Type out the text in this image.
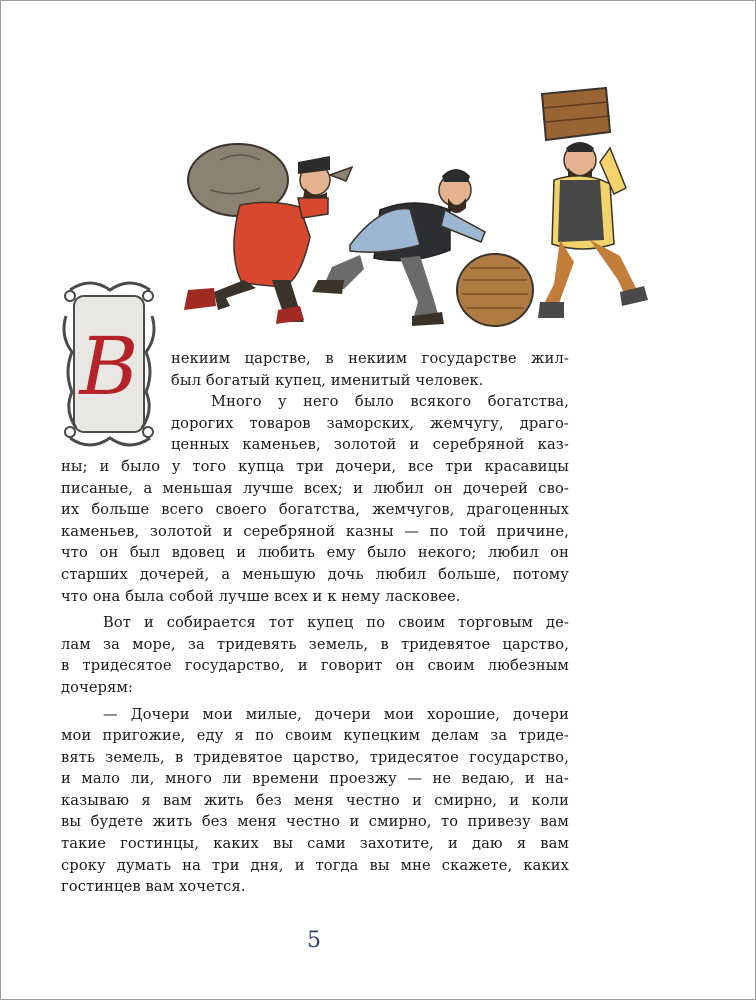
В	некиим царстве, в некиим государстве жил-
был богатый купец, именитый человек.
Много у него было всякого богатства,
дорогих товаров заморских, жемчугу, драго-
ценных каменьев, золотой и серебряной каз-
ны; и было у того купца три дочери, все три красавицы
писаные, а меньшая лучше всех; и любил он дочерей сво-
их больше всего своего богатства, жемчугов, драгоценных
каменьев, золотой и серебряной казны — по той причине,
что он был вдовец и любить ему было некого; любил он
старших дочерей, а меньшую дочь любил больше, потому
что она была собой лучше всех и к нему ласковее.
Вот и собирается тот купец по своим торговым де-
лам за море, за тридевять земель, в тридевятое царство,
в тридесятое государство, и говорит он своим любезным
дочерям:
— Дочери мои милые, дочери мои хорошие, дочери
мои пригожие, еду я по своим купецким делам за триде-
вять земель, в тридевятое царство, тридесятое государство,
и мало ли, много ли времени проезжу — не ведаю, и на-
казываю я вам жить без меня честно и смирно, и коли
вы будете жить без меня честно и смирно, то привезу вам
такие гостинцы, каких вы сами захотите, и даю я вам
сроку думать на три дня, и тогда вы мне скажете, каких
гостинцев вам хочется.
5
